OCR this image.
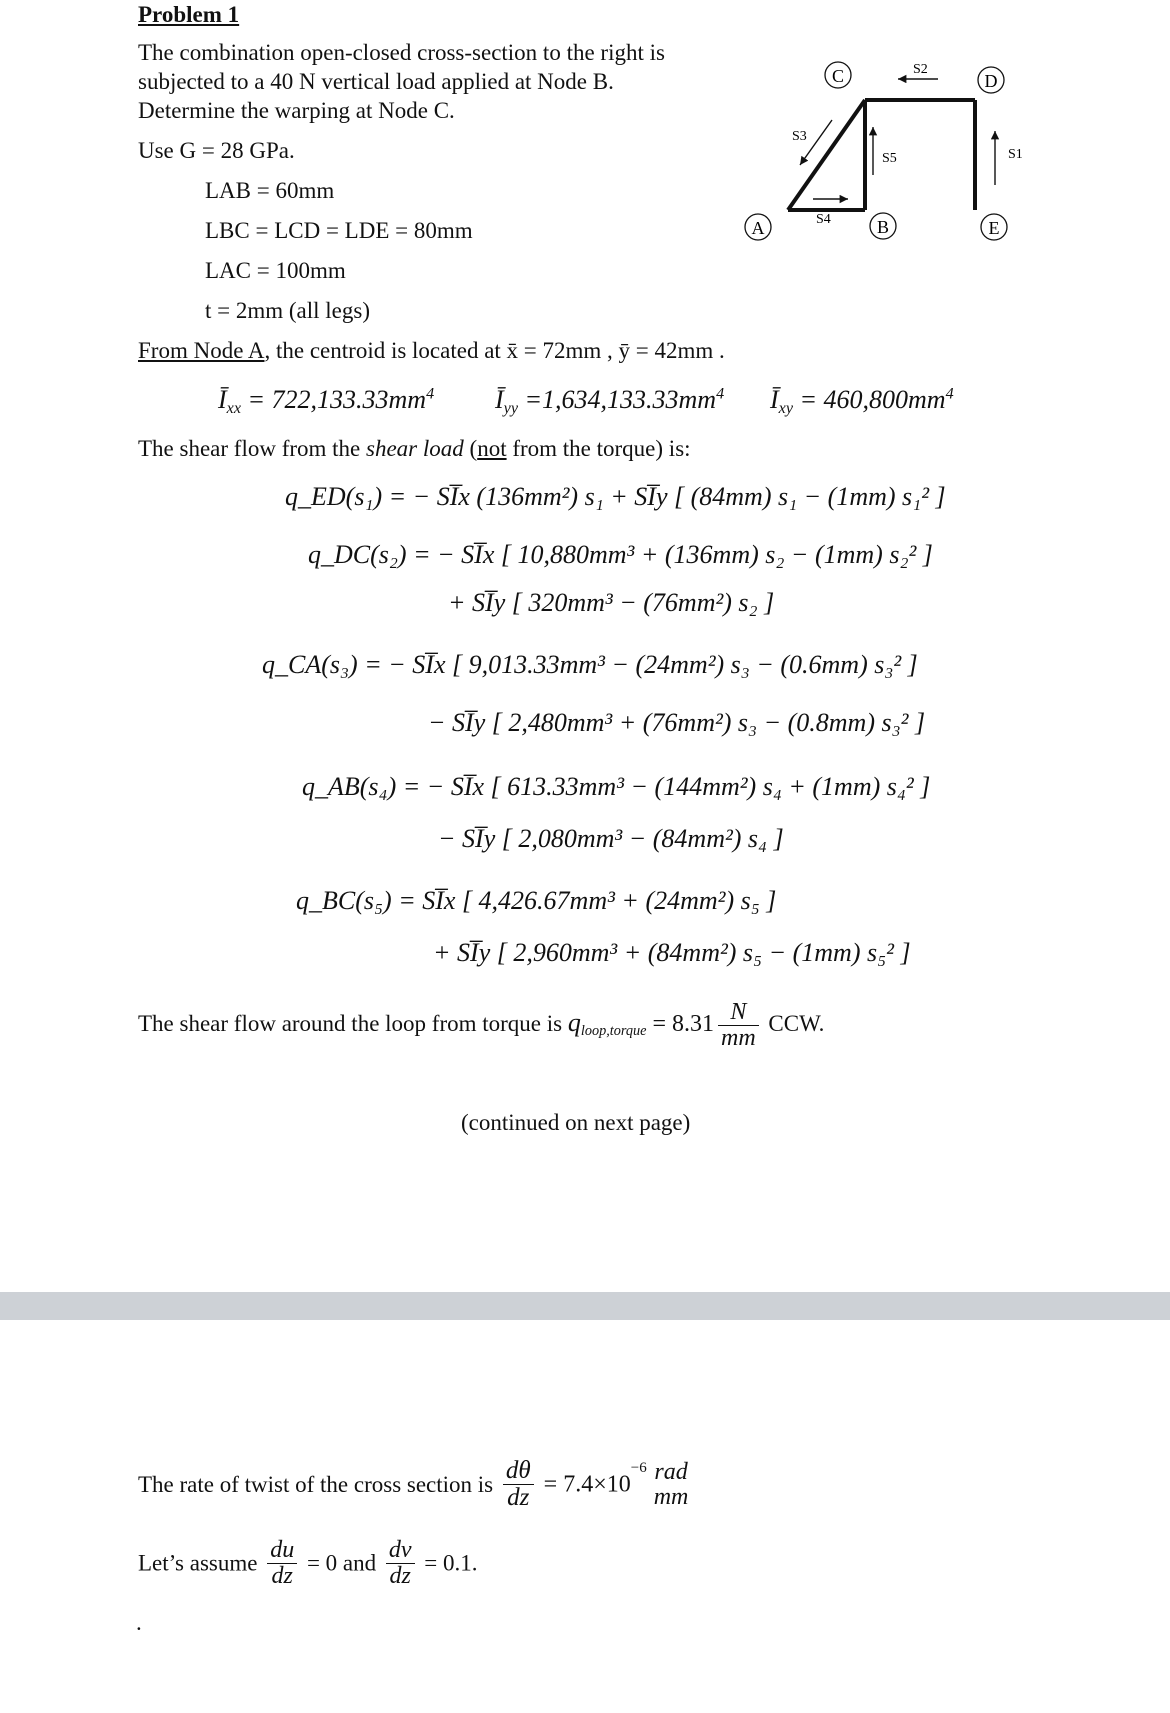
Problem 1
The combination open-closed cross-section to the right is
subjected to a 40 N vertical load applied at Node B.
Determine the warping at Node C.
Use G = 28 GPa.
LAB = 60mm
LBC = LCD = LDE = 80mm
LAC = 100mm
t = 2mm (all legs)
From Node A, the centroid is located at x̄ = 72mm , ȳ = 42mm .
$Ī_{xx} = 722,133.33mm^4$ $Ī_{yy} =1,634,133.33mm^4$ $Ī_{xy} = 460,800mm^4$
The shear flow from the shear load (not from the torque) is:
q_ED(s₁) = − SI̅x (136mm²) s₁ + SI̅y [ (84mm) s₁ − (1mm) s₁² ]
q_DC(s₂) = − SI̅x [ 10,880mm³ + (136mm) s₂ − (1mm) s₂² ]
+ SI̅y [ 320mm³ − (76mm²) s₂ ]
q_CA(s₃) = − SI̅x [ 9,013.33mm³ − (24mm²) s₃ − (0.6mm) s₃² ]
− SI̅y [ 2,480mm³ + (76mm²) s₃ − (0.8mm) s₃² ]
q_AB(s₄) = − SI̅x [ 613.33mm³ − (144mm²) s₄ + (1mm) s₄² ]
− SI̅y [ 2,080mm³ − (84mm²) s₄ ]
q_BC(s₅) = SI̅x [ 4,426.67mm³ + (24mm²) s₅ ]
+ SI̅y [ 2,960mm³ + (84mm²) s₅ − (1mm) s₅² ]
The shear flow around the loop from torque is $q_{loop,torque} = 8.31 \frac{N}{mm}$ CCW.
(continued on next page)
The rate of twist of the cross section is $\frac{d\theta}{dz} = 7.4\times 10^{-6}$ rad
mm
Let’s assume $\frac{du}{dz} = 0$ and $\frac{dv}{dz} = 0.1$.
.
A	B
C	D
E
S1
S2
S3
S4
S5
